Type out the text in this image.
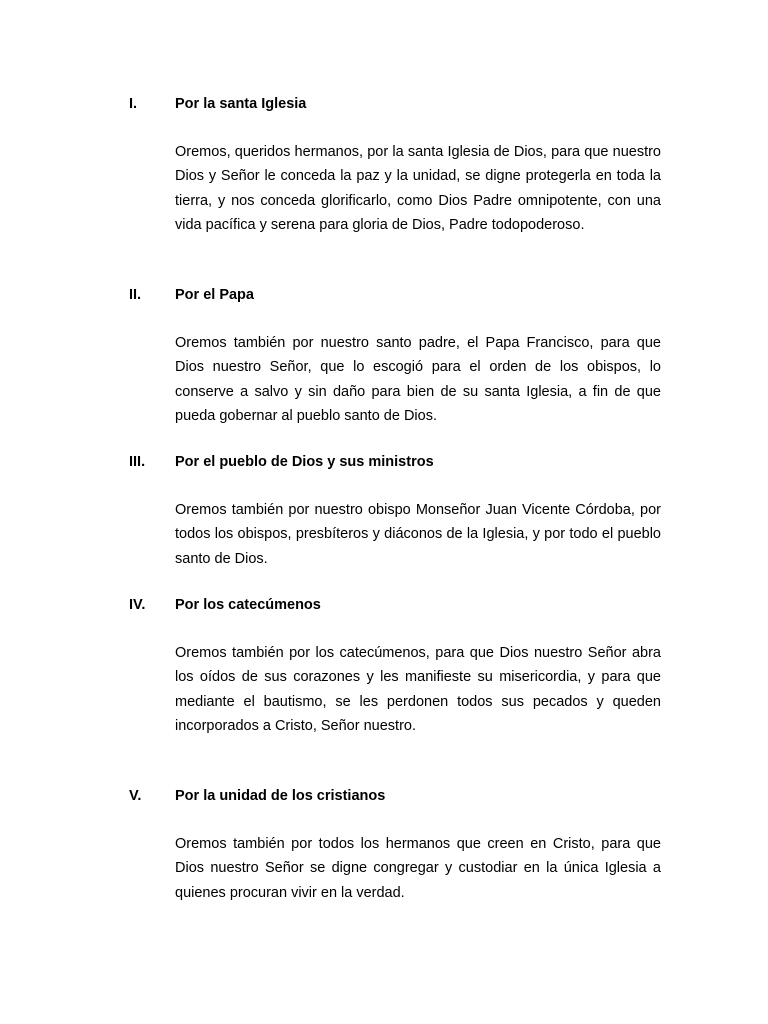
I.	Por la santa Iglesia
Oremos, queridos hermanos, por la santa Iglesia de Dios, para que nuestro Dios y Señor le conceda la paz y la unidad, se digne protegerla en toda la tierra, y nos conceda glorificarlo, como Dios Padre omnipotente, con una vida pacífica y serena para gloria de Dios, Padre todopoderoso.
II. Por el Papa
Oremos también por nuestro santo padre, el Papa Francisco, para que Dios nuestro Señor, que lo escogió para el orden de los obispos, lo conserve a salvo y sin daño para bien de su santa Iglesia, a fin de que pueda gobernar al pueblo santo de Dios.
III. Por el pueblo de Dios y sus ministros
Oremos también por nuestro obispo Monseñor Juan Vicente Córdoba, por todos los obispos, presbíteros y diáconos de la Iglesia, y por todo el pueblo santo de Dios.
IV. Por los catecúmenos
Oremos también por los catecúmenos, para que Dios nuestro Señor abra los oídos de sus corazones y les manifieste su misericordia, y para que mediante el bautismo, se les perdonen todos sus pecados y queden incorporados a Cristo, Señor nuestro.
V. Por la unidad de los cristianos
Oremos también por todos los hermanos que creen en Cristo, para que Dios nuestro Señor se digne congregar y custodiar en la única Iglesia a quienes procuran vivir en la verdad.
